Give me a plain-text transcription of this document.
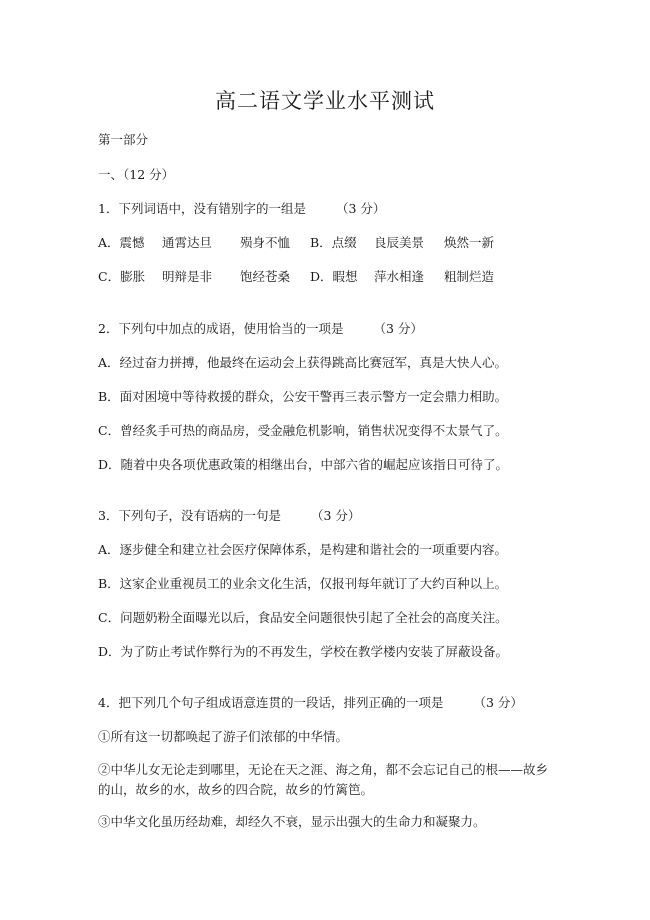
高二语文学业水平测试
第一部分
一、（12 分）
1．下列词语中，没有错别字的一组是 （3 分）
A．震憾 通霄达旦 殒身不恤 B．点缀 良辰美景 焕然一新
C．膨胀 明辩是非 饱经苍桑 D．暇想 萍水相逢 粗制烂造
2．下列句中加点的成语，使用恰当的一项是 （3 分）
A．经过奋力拼搏，他最终在运动会上获得跳高比赛冠军，真是大快人心。
B．面对困境中等待救援的群众，公安干警再三表示警方一定会鼎力相助。
C．曾经炙手可热的商品房，受金融危机影响，销售状况变得不太景气了。
D．随着中央各项优惠政策的相继出台，中部六省的崛起应该指日可待了。
3．下列句子，没有语病的一句是 （3 分）
A．逐步健全和建立社会医疗保障体系，是构建和谐社会的一项重要内容。
B．这家企业重视员工的业余文化生活，仅报刊每年就订了大约百种以上。
C．问题奶粉全面曝光以后，食品安全问题很快引起了全社会的高度关注。
D．为了防止考试作弊行为的不再发生，学校在教学楼内安装了屏蔽设备。
4．把下列几个句子组成语意连贯的一段话，排列正确的一项是 （3 分）
①所有这一切都唤起了游子们浓郁的中华情。
②中华儿女无论走到哪里，无论在天之涯、海之角，都不会忘记自己的根——故乡的山，故乡的水，故乡的四合院，故乡的竹篱笆。
③中华文化虽历经劫难，却经久不衰，显示出强大的生命力和凝聚力。
